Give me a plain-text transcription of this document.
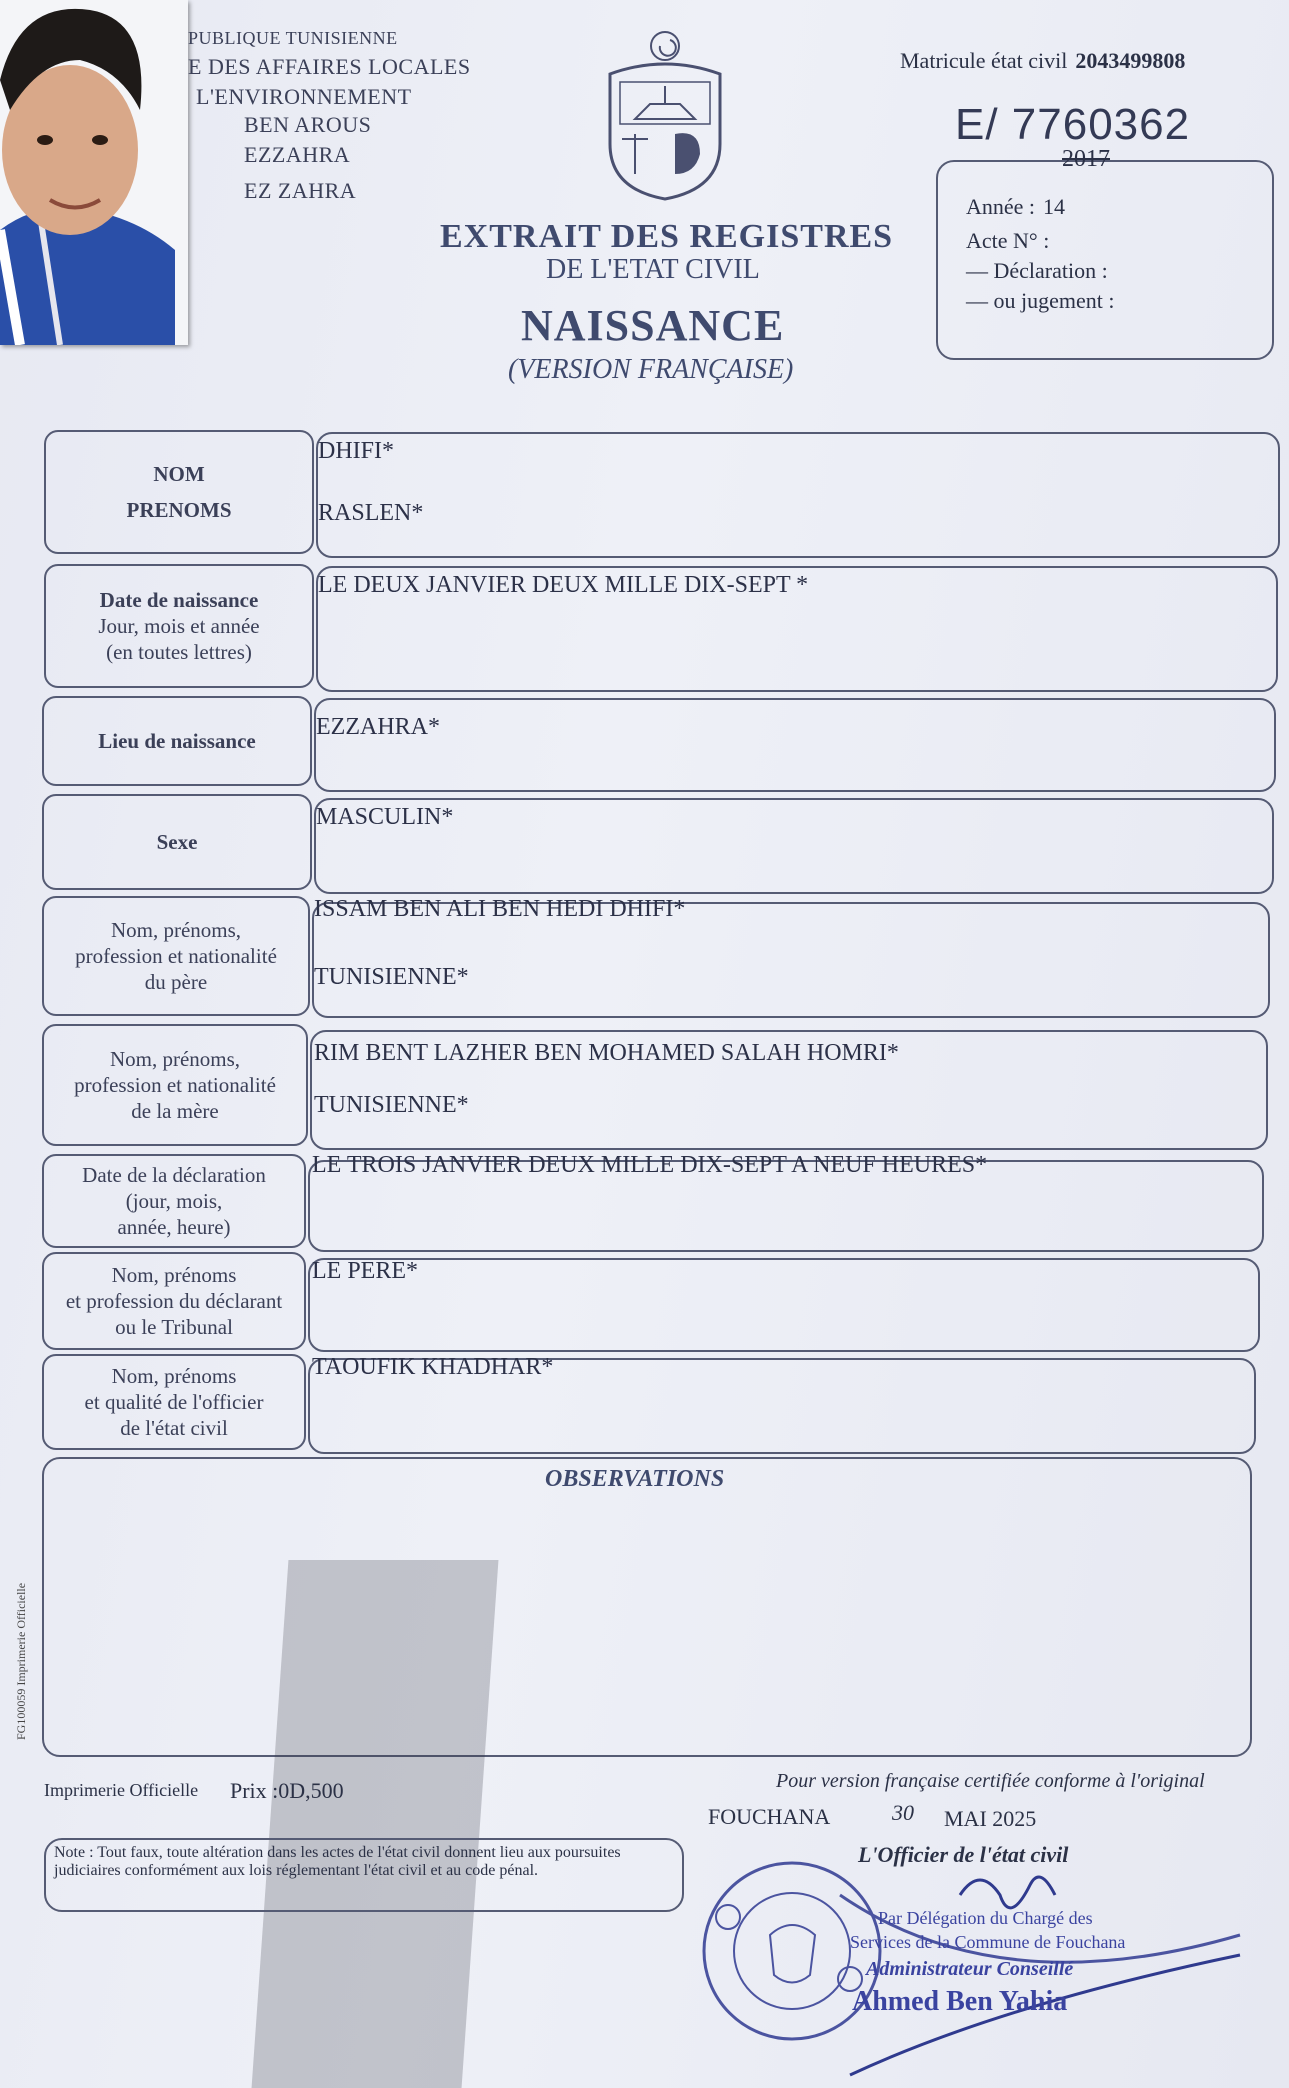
PUBLIQUE TUNISIENNE
E DES AFFAIRES LOCALES
L'ENVIRONNEMENT
BEN AROUS
EZZAHRA
EZ ZAHRA
Matricule état civil 2043499808
E/ 7760362
2017
Année : 14
Acte N° :
— Déclaration :
— ou jugement :
EXTRAIT DES REGISTRES
DE L'ETAT CIVIL
NAISSANCE
(VERSION FRANÇAISE)
NOM
PRENOMS
DHIFI*
RASLEN*
Date de naissance
Jour, mois et année
(en toutes lettres)
LE DEUX JANVIER DEUX MILLE DIX-SEPT *
Lieu de naissance
EZZAHRA*
Sexe
MASCULIN*
Nom, prénoms,
profession et nationalité
du père
ISSAM BEN ALI BEN HEDI DHIFI*
TUNISIENNE*
Nom, prénoms,
profession et nationalité
de la mère
RIM BENT LAZHER BEN MOHAMED SALAH HOMRI*
TUNISIENNE*
Date de la déclaration
(jour, mois,
année, heure)
LE TROIS JANVIER DEUX MILLE DIX-SEPT A NEUF HEURES*
Nom, prénoms
et profession du déclarant
ou le Tribunal
LE PERE*
Nom, prénoms
et qualité de l'officier
de l'état civil
TAOUFIK KHADHAR*
OBSERVATIONS
FG100059 Imprimerie Officielle
Imprimerie Officielle Prix :0D,500	Pour version française certifiée conforme à l'original
FOUCHANA	30 MAI 2025
L'Officier de l'état civil
Note : Tout faux, toute altération dans les actes de l'état civil donnent lieu aux poursuites judiciaires conformément aux lois réglementant l'état civil et au code pénal.
Par Délégation du Chargé des
Services de la Commune de Fouchana
Administrateur Conseillé
Ahmed Ben Yahia
